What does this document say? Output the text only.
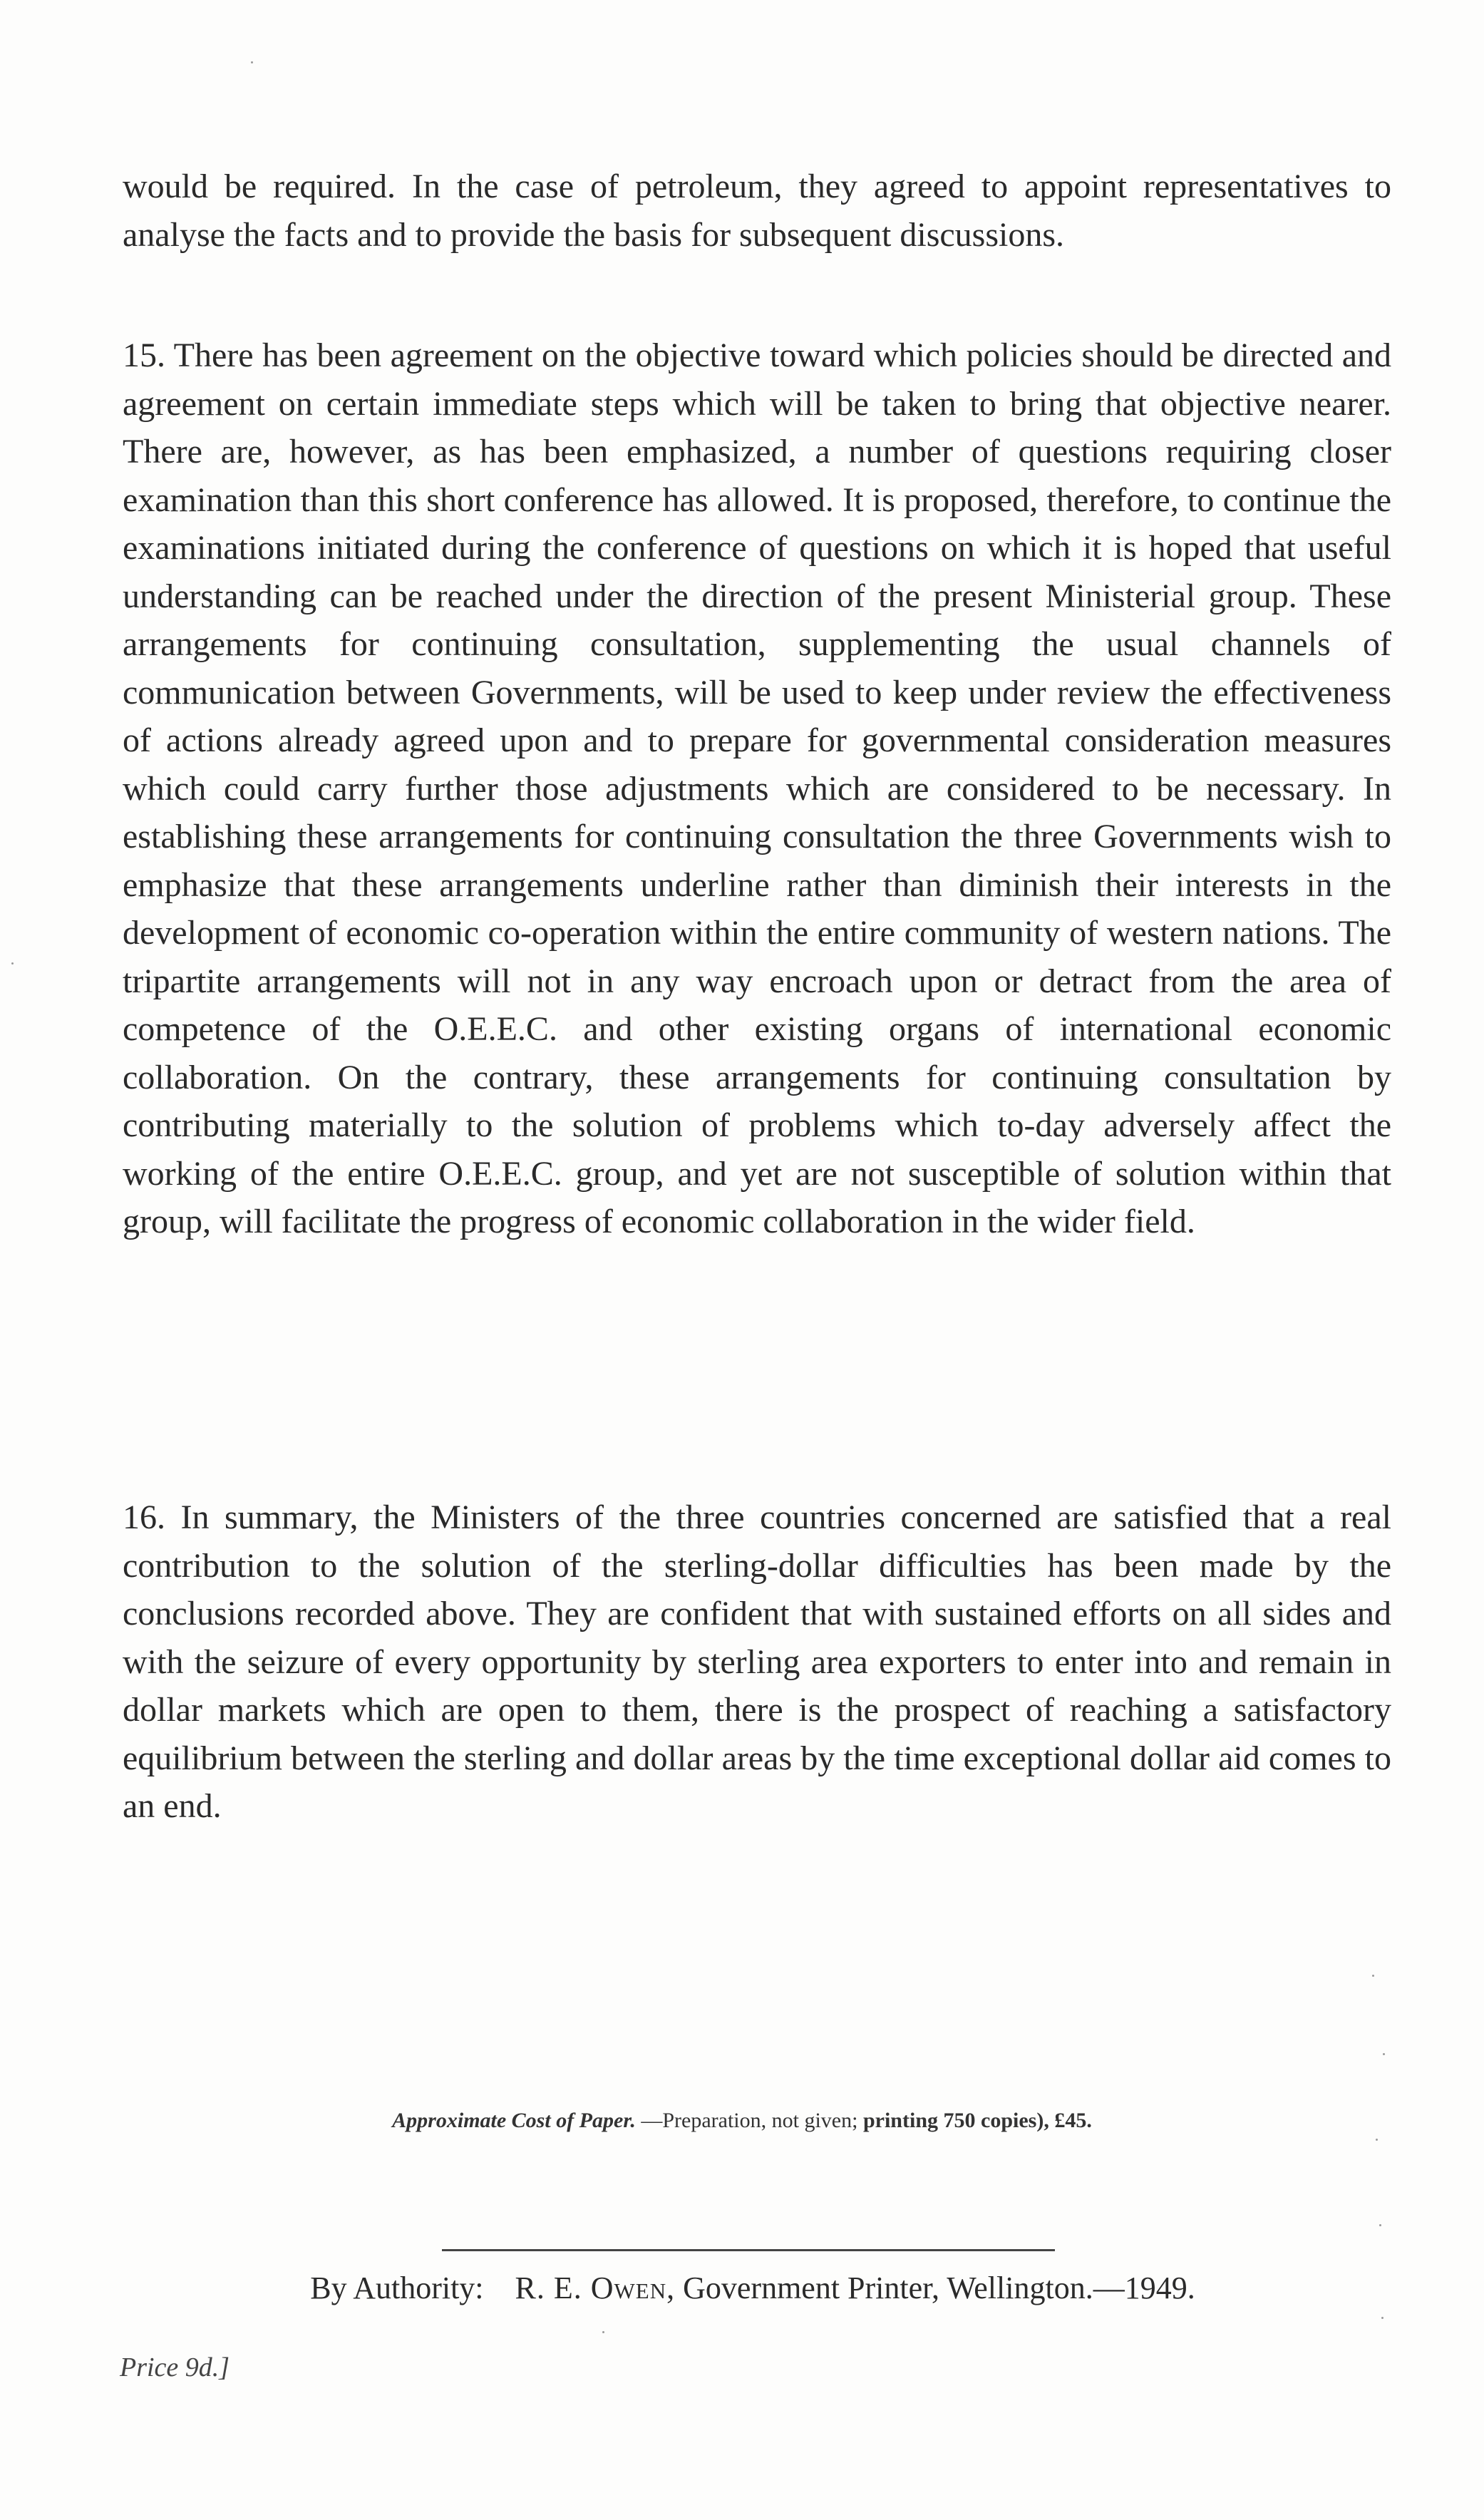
would be required. In the case of petroleum, they agreed to appoint representatives to analyse the facts and to provide the basis for subsequent discussions.

15. There has been agreement on the objective toward which policies should be directed and agreement on certain immediate steps which will be taken to bring that objective nearer. There are, however, as has been emphasized, a number of questions requiring closer examination than this short conference has allowed. It is proposed, therefore, to continue the examinations initiated during the conference of questions on which it is hoped that useful understanding can be reached under the direction of the present Ministerial group. These arrangements for continuing consultation, supplementing the usual channels of communication between Governments, will be used to keep under review the effectiveness of actions already agreed upon and to prepare for governmental consideration measures which could carry further those adjustments which are considered to be necessary. In establishing these arrangements for continuing consultation the three Governments wish to emphasize that these arrangements underline rather than diminish their interests in the development of economic co-operation within the entire community of western nations. The tripartite arrangements will not in any way encroach upon or detract from the area of competence of the O.E.E.C. and other existing organs of international economic collaboration. On the contrary, these arrangements for continuing consultation by contributing materially to the solution of problems which to-day adversely affect the working of the entire O.E.E.C. group, and yet are not susceptible of solution within that group, will facilitate the progress of economic collaboration in the wider field.

16. In summary, the Ministers of the three countries concerned are satisfied that a real contribution to the solution of the sterling-dollar difficulties has been made by the conclusions recorded above. They are confident that with sustained efforts on all sides and with the seizure of every opportunity by sterling area exporters to enter into and remain in dollar markets which are open to them, there is the prospect of reaching a satisfactory equilibrium between the sterling and dollar areas by the time exceptional dollar aid comes to an end.

Approximate Cost of Paper. —Preparation, not given; printing 750 copies), £45.
By Authority: R. E. Owen, Government Printer, Wellington.—1949.
Price 9d.]
